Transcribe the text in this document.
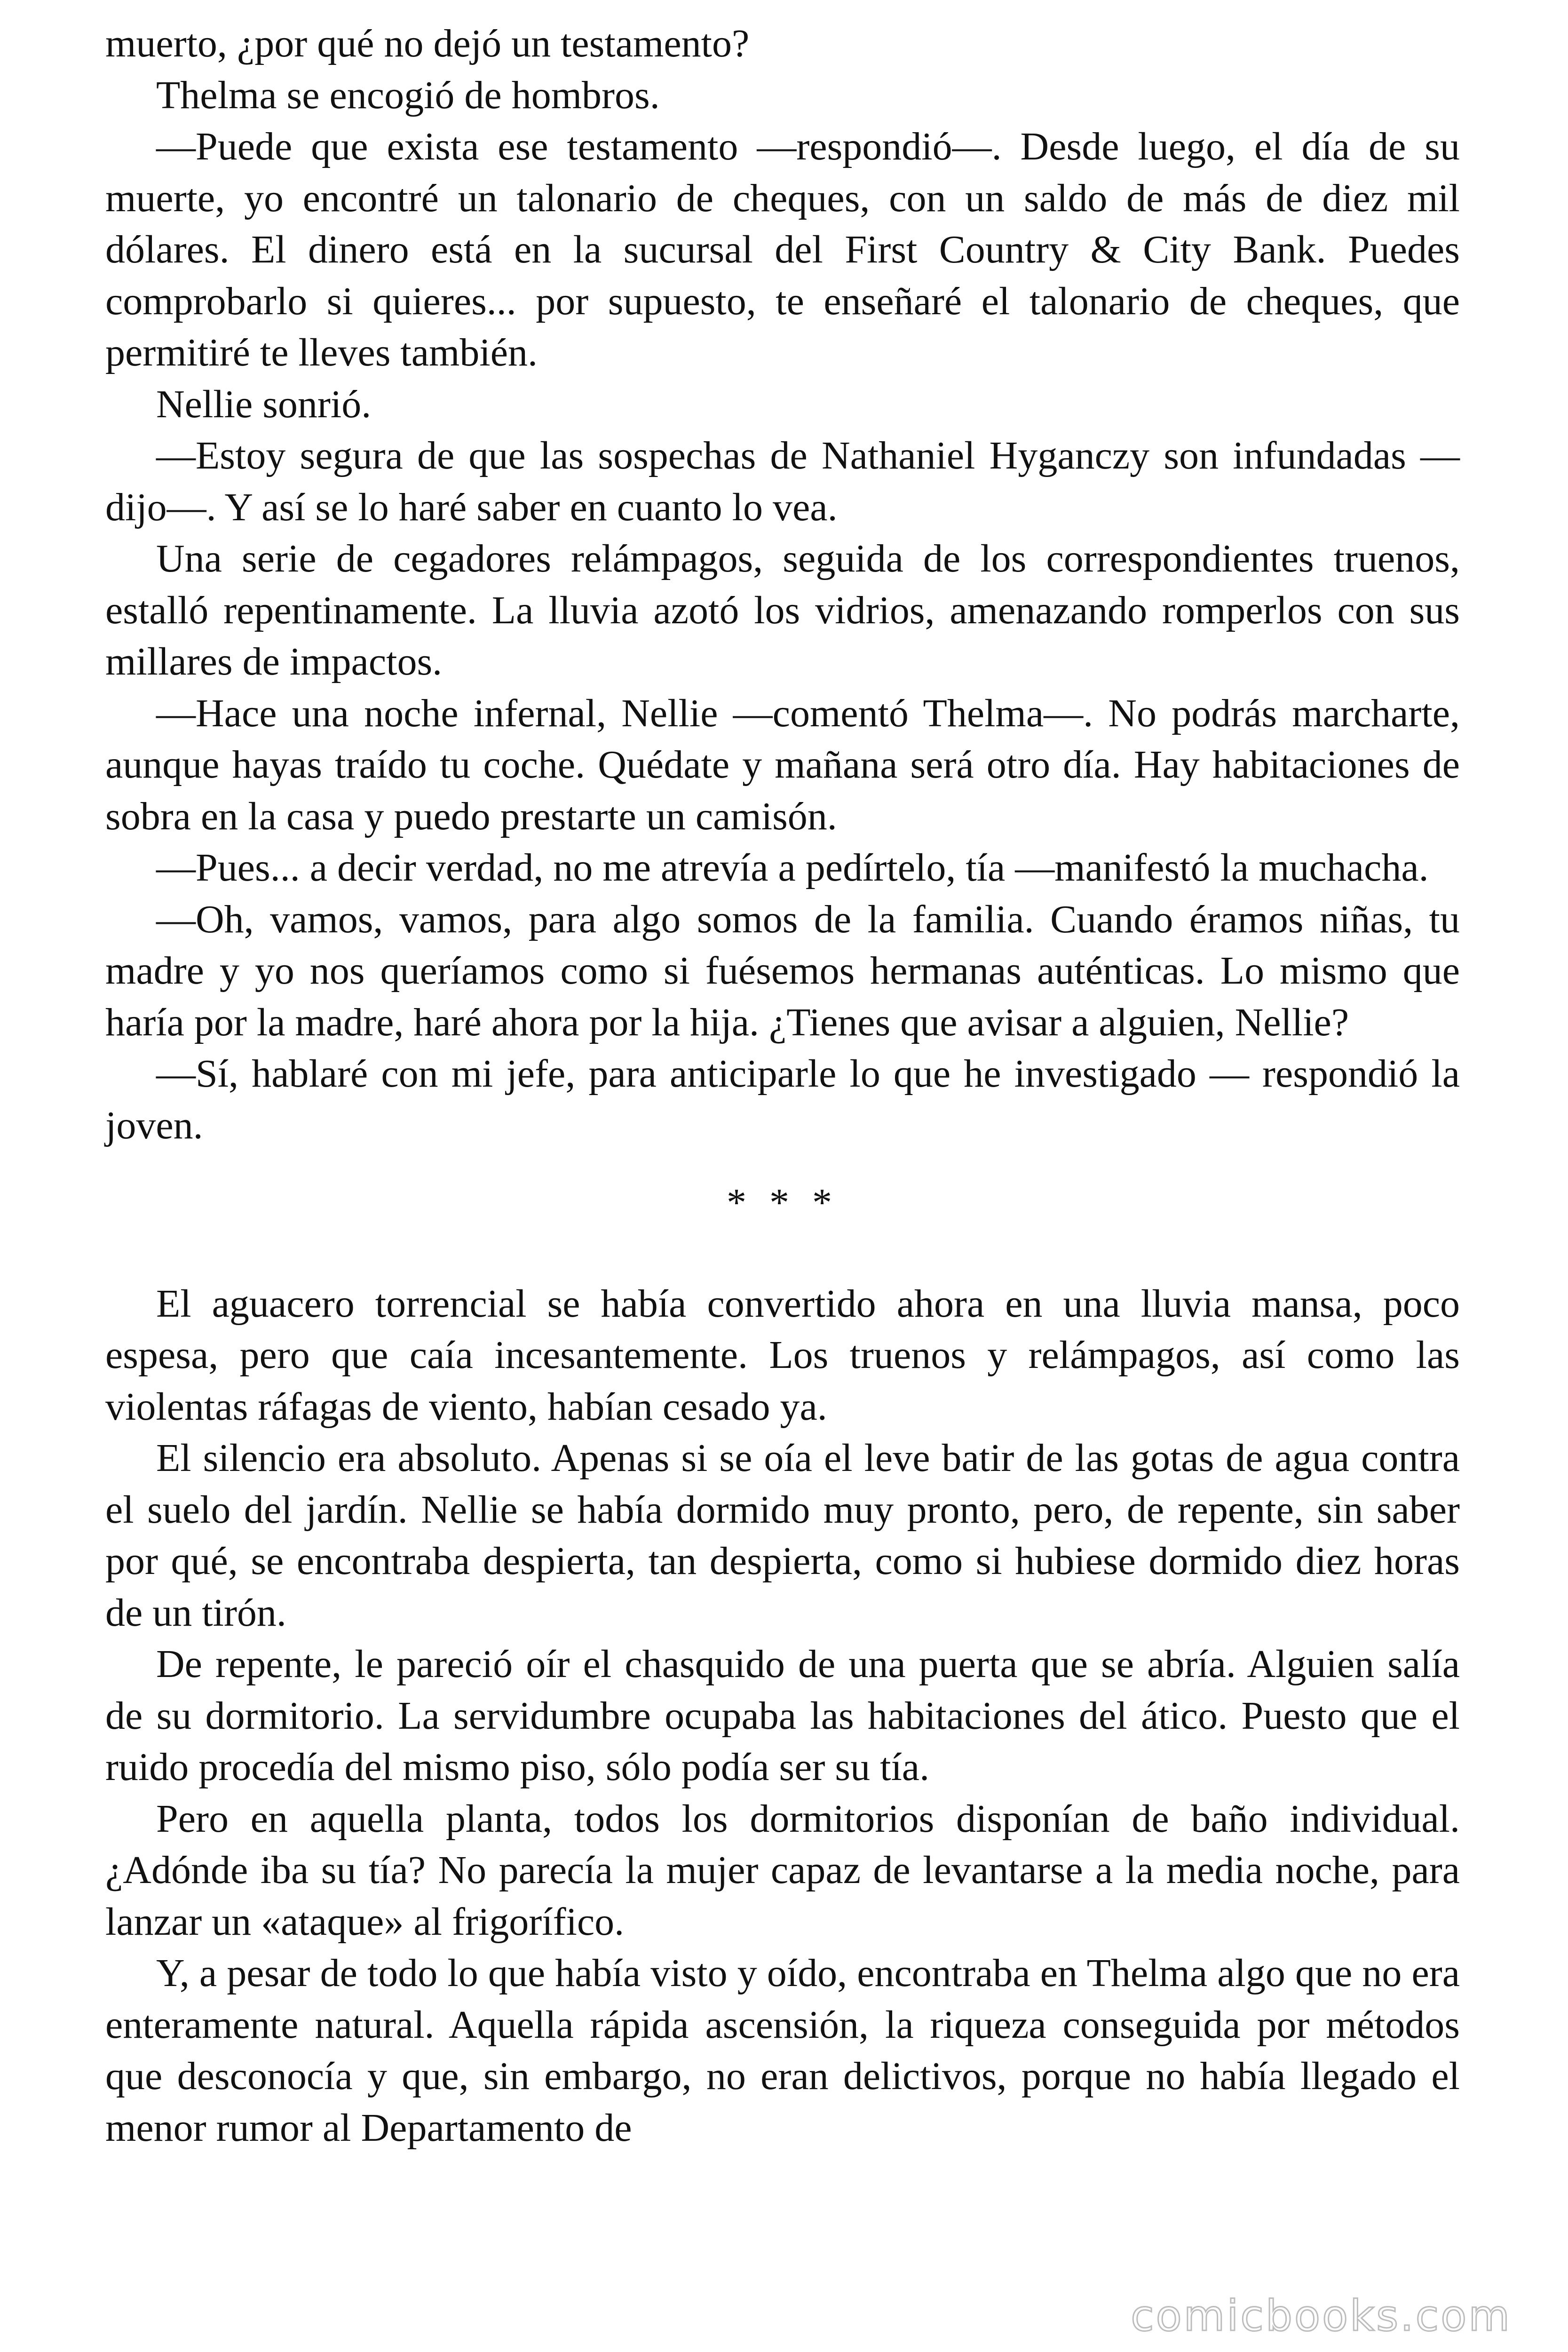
muerto, ¿por qué no dejó un testamento?

Thelma se encogió de hombros.

—Puede que exista ese testamento —respondió—. Desde luego, el día de su muerte, yo encontré un talonario de cheques, con un saldo de más de diez mil dólares. El dinero está en la sucursal del First Country & City Bank. Puedes comprobarlo si quieres... por supuesto, te enseñaré el talonario de cheques, que permitiré te lleves también.

Nellie sonrió.

—Estoy segura de que las sospechas de Nathaniel Hyganczy son infundadas —dijo—. Y así se lo haré saber en cuanto lo vea.

Una serie de cegadores relámpagos, seguida de los correspondientes truenos, estalló repentinamente. La lluvia azotó los vidrios, amenazando romperlos con sus millares de impactos.

—Hace una noche infernal, Nellie —comentó Thelma—. No podrás marcharte, aunque hayas traído tu coche. Quédate y mañana será otro día. Hay habitaciones de sobra en la casa y puedo prestarte un camisón.

—Pues... a decir verdad, no me atrevía a pedírtelo, tía —manifestó la muchacha.

—Oh, vamos, vamos, para algo somos de la familia. Cuando éramos niñas, tu madre y yo nos queríamos como si fuésemos hermanas auténticas. Lo mismo que haría por la madre, haré ahora por la hija. ¿Tienes que avisar a alguien, Nellie?

—Sí, hablaré con mi jefe, para anticiparle lo que he investigado — respondió la joven.

* * *

El aguacero torrencial se había convertido ahora en una lluvia mansa, poco espesa, pero que caía incesantemente. Los truenos y relámpagos, así como las violentas ráfagas de viento, habían cesado ya.

El silencio era absoluto. Apenas si se oía el leve batir de las gotas de agua contra el suelo del jardín. Nellie se había dormido muy pronto, pero, de repente, sin saber por qué, se encontraba despierta, tan despierta, como si hubiese dormido diez horas de un tirón.

De repente, le pareció oír el chasquido de una puerta que se abría. Alguien salía de su dormitorio. La servidumbre ocupaba las habitaciones del ático. Puesto que el ruido procedía del mismo piso, sólo podía ser su tía.

Pero en aquella planta, todos los dormitorios disponían de baño individual. ¿Adónde iba su tía? No parecía la mujer capaz de levantarse a la media noche, para lanzar un «ataque» al frigorífico.

Y, a pesar de todo lo que había visto y oído, encontraba en Thelma algo que no era enteramente natural. Aquella rápida ascensión, la riqueza conseguida por métodos que desconocía y que, sin embargo, no eran delictivos, porque no había llegado el menor rumor al Departamento de

comicbooks.com
